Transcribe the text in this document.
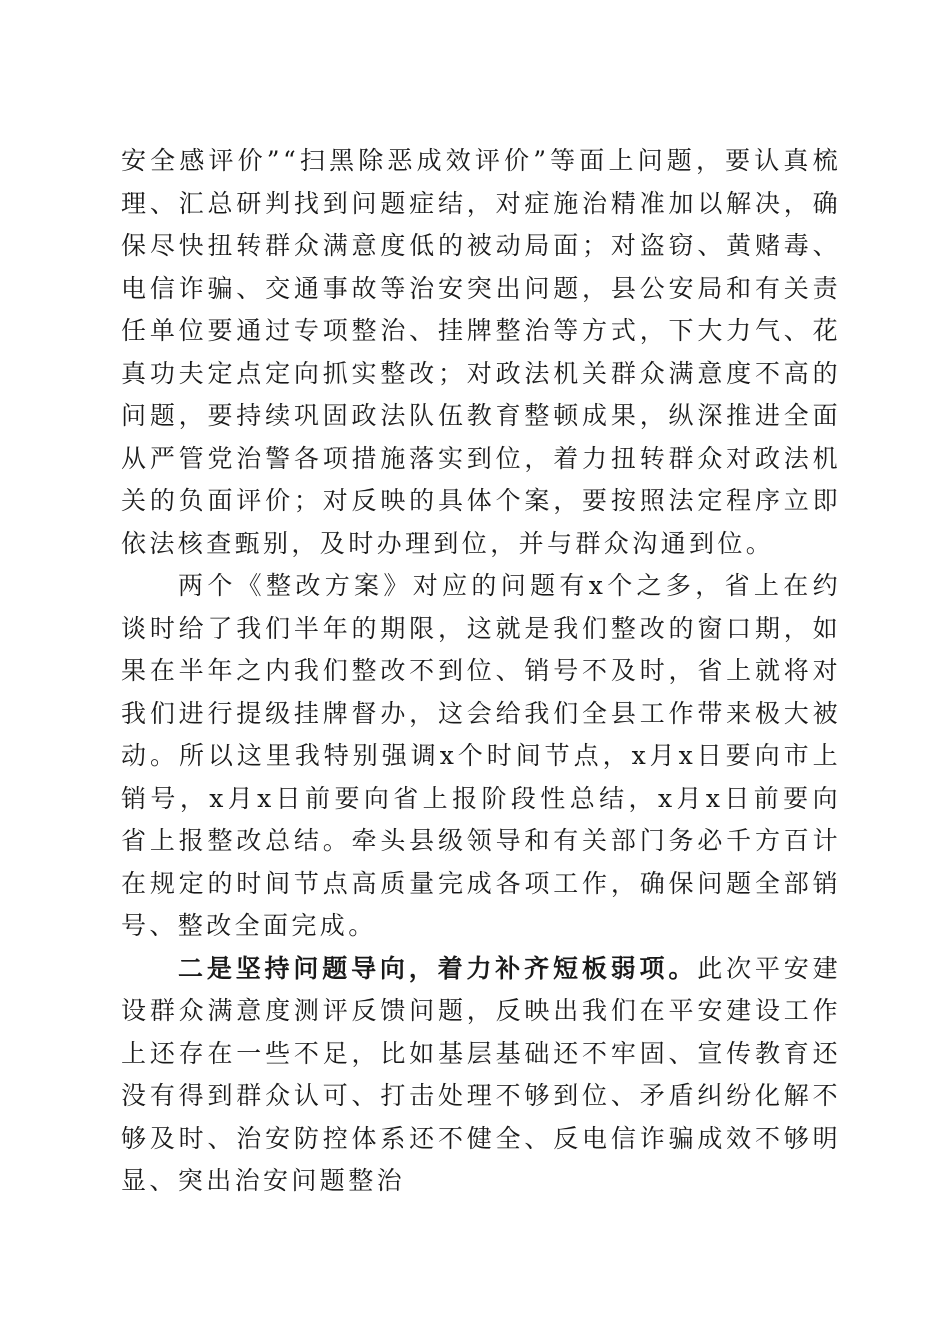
安全感评价”“扫黑除恶成效评价”等面上问题，要认真梳理、汇总研判找到问题症结，对症施治精准加以解决，确保尽快扭转群众满意度低的被动局面；对盗窃、黄赌毒、电信诈骗、交通事故等治安突出问题，县公安局和有关责任单位要通过专项整治、挂牌整治等方式，下大力气、花真功夫定点定向抓实整改；对政法机关群众满意度不高的问题，要持续巩固政法队伍教育整顿成果，纵深推进全面从严管党治警各项措施落实到位，着力扭转群众对政法机关的负面评价；对反映的具体个案，要按照法定程序立即依法核查甄别，及时办理到位，并与群众沟通到位。

两个《整改方案》对应的问题有x个之多，省上在约谈时给了我们半年的期限，这就是我们整改的窗口期，如果在半年之内我们整改不到位、销号不及时，省上就将对我们进行提级挂牌督办，这会给我们全县工作带来极大被动。所以这里我特别强调x个时间节点，x月x日要向市上销号，x月x日前要向省上报阶段性总结，x月x日前要向省上报整改总结。牵头县级领导和有关部门务必千方百计在规定的时间节点高质量完成各项工作，确保问题全部销号、整改全面完成。

二是坚持问题导向，着力补齐短板弱项。此次平安建设群众满意度测评反馈问题，反映出我们在平安建设工作上还存在一些不足，比如基层基础还不牢固、宣传教育还没有得到群众认可、打击处理不够到位、矛盾纠纷化解不够及时、治安防控体系还不健全、反电信诈骗成效不够明显、突出治安问题整治
